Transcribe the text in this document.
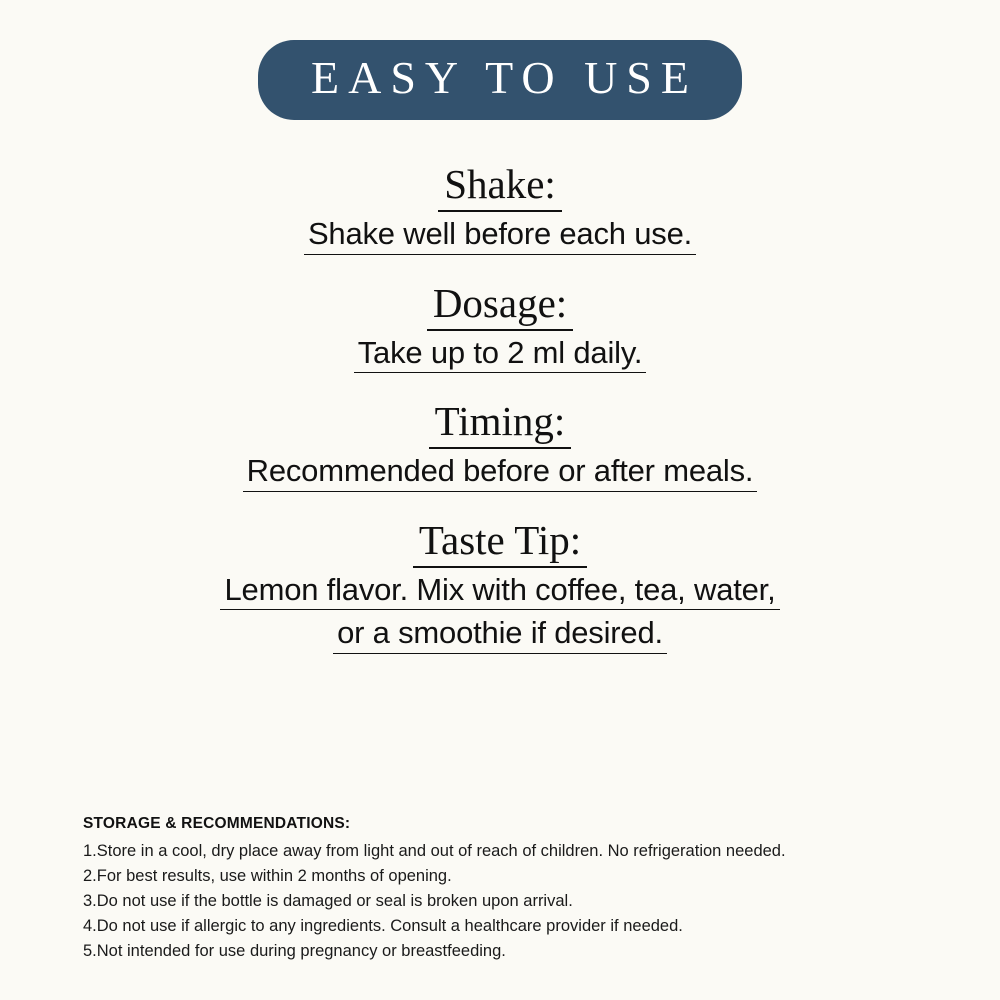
EASY TO USE
Shake:
Shake well before each use.
Dosage:
Take up to 2 ml daily.
Timing:
Recommended before or after meals.
Taste Tip:
Lemon flavor. Mix with coffee, tea, water,
or a smoothie if desired.
STORAGE & RECOMMENDATIONS:
1.Store in a cool, dry place away from light and out of reach of children. No refrigeration needed.
2.For best results, use within 2 months of opening.
3.Do not use if the bottle is damaged or seal is broken upon arrival.
4.Do not use if allergic to any ingredients. Consult a healthcare provider if needed.
5.Not intended for use during pregnancy or breastfeeding.
